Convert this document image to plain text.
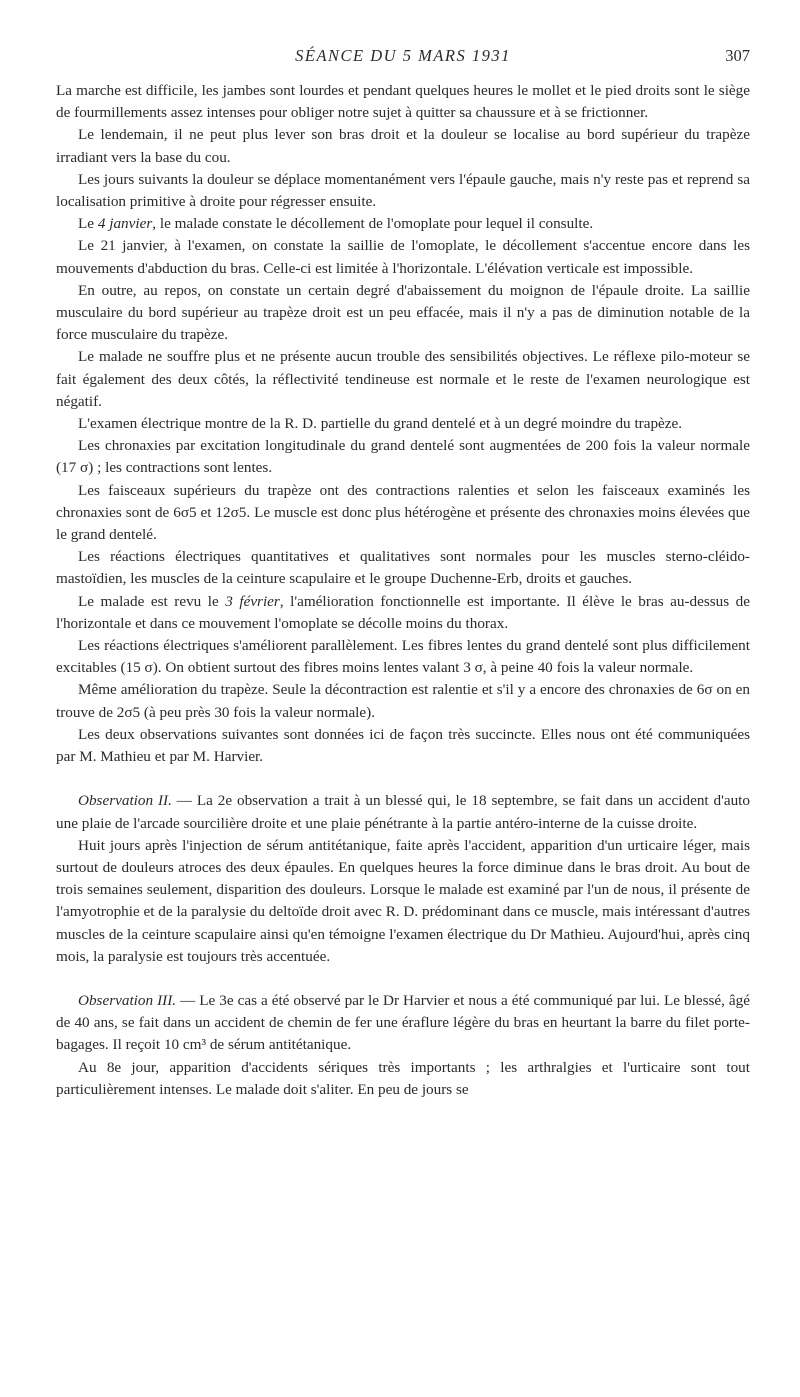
SÉANCE DU 5 MARS 1931	307

La marche est difficile, les jambes sont lourdes et pendant quelques heures le mollet et le pied droits sont le siège de fourmillements assez intenses pour obliger notre sujet à quitter sa chaussure et à se frictionner.

Le lendemain, il ne peut plus lever son bras droit et la douleur se localise au bord supérieur du trapèze irradiant vers la base du cou.

Les jours suivants la douleur se déplace momentanément vers l'épaule gauche, mais n'y reste pas et reprend sa localisation primitive à droite pour régresser ensuite.

Le 4 janvier, le malade constate le décollement de l'omoplate pour lequel il consulte.

Le 21 janvier, à l'examen, on constate la saillie de l'omoplate, le décollement s'accentue encore dans les mouvements d'abduction du bras. Celle-ci est limitée à l'horizontale. L'élévation verticale est impossible.

En outre, au repos, on constate un certain degré d'abaissement du moignon de l'épaule droite. La saillie musculaire du bord supérieur au trapèze droit est un peu effacée, mais il n'y a pas de diminution notable de la force musculaire du trapèze.

Le malade ne souffre plus et ne présente aucun trouble des sensibilités objectives. Le réflexe pilo-moteur se fait également des deux côtés, la réflectivité tendineuse est normale et le reste de l'examen neurologique est négatif.

L'examen électrique montre de la R. D. partielle du grand dentelé et à un degré moindre du trapèze.

Les chronaxies par excitation longitudinale du grand dentelé sont augmentées de 200 fois la valeur normale (17 σ) ; les contractions sont lentes.

Les faisceaux supérieurs du trapèze ont des contractions ralenties et selon les faisceaux examinés les chronaxies sont de 6σ5 et 12σ5. Le muscle est donc plus hétérogène et présente des chronaxies moins élevées que le grand dentelé.

Les réactions électriques quantitatives et qualitatives sont normales pour les muscles sterno-cléido-mastoïdien, les muscles de la ceinture scapulaire et le groupe Duchenne-Erb, droits et gauches.

Le malade est revu le 3 février, l'amélioration fonctionnelle est importante. Il élève le bras au-dessus de l'horizontale et dans ce mouvement l'omoplate se décolle moins du thorax.

Les réactions électriques s'améliorent parallèlement. Les fibres lentes du grand dentelé sont plus difficilement excitables (15 σ). On obtient surtout des fibres moins lentes valant 3 σ, à peine 40 fois la valeur normale.

Même amélioration du trapèze. Seule la décontraction est ralentie et s'il y a encore des chronaxies de 6σ on en trouve de 2σ5 (à peu près 30 fois la valeur normale).

Les deux observations suivantes sont données ici de façon très succincte. Elles nous ont été communiquées par M. Mathieu et par M. Harvier.

Observation II. — La 2e observation a trait à un blessé qui, le 18 septembre, se fait dans un accident d'auto une plaie de l'arcade sourcilière droite et une plaie pénétrante à la partie antéro-interne de la cuisse droite.

Huit jours après l'injection de sérum antitétanique, faite après l'accident, apparition d'un urticaire léger, mais surtout de douleurs atroces des deux épaules. En quelques heures la force diminue dans le bras droit. Au bout de trois semaines seulement, disparition des douleurs. Lorsque le malade est examiné par l'un de nous, il présente de l'amyotrophie et de la paralysie du deltoïde droit avec R. D. prédominant dans ce muscle, mais intéressant d'autres muscles de la ceinture scapulaire ainsi qu'en témoigne l'examen électrique du Dr Mathieu. Aujourd'hui, après cinq mois, la paralysie est toujours très accentuée.

Observation III. — Le 3e cas a été observé par le Dr Harvier et nous a été communiqué par lui. Le blessé, âgé de 40 ans, se fait dans un accident de chemin de fer une éraflure légère du bras en heurtant la barre du filet porte-bagages. Il reçoit 10 cm³ de sérum antitétanique.

Au 8e jour, apparition d'accidents sériques très importants ; les arthralgies et l'urticaire sont tout particulièrement intenses. Le malade doit s'aliter. En peu de jours se
